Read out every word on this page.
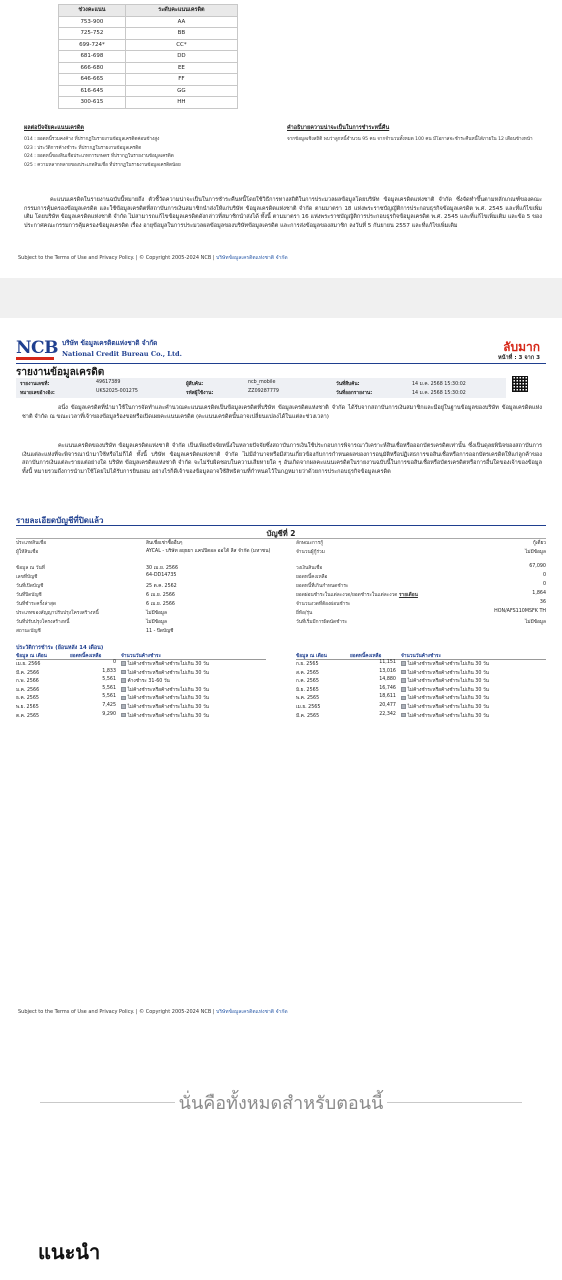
ช่วงคะแนน	ระดับคะแนนเครดิต
753-900	AA
725-752	BB
699-724*	CC*
681-698	DD
666-680	EE
646-665	FF
616-645	GG
300-615	HH
ผลต่อปัจจัยคะแนนเครดิต
014 : ยอดหนี้รวมคงค้าง ที่ปรากฏในรายงานข้อมูลเครดิตค่อนข้างสูง
023 : ประวัติการค้างชำระ ที่ปรากฏในรายงานข้อมูลเครดิต
024 : ยอดหนี้ของสินเชื่อประเภทการเกษตร ที่ปรากฏในรายงานข้อมูลเครดิต
025 : ความหลากหลายของประเภทสินเชื่อ ที่ปรากฏในรายงานข้อมูลเครดิตน้อย
คำอธิบายความน่าจะเป็นในการชำระหนี้คืน
จากข้อมูลเชิงสถิติ พบว่าลูกหนี้จำนวน 95 คน จากจำนวนทั้งหมด 100 คน มีโอกาสจะชำระคืนหนี้ได้ภายใน 12 เดือนข้างหน้า
คะแนนเครดิตในรายงานฉบับนี้หมายถึง ตัวชี้วัดความน่าจะเป็นในการชำระคืนหนี้โดยใช้วิธีการทางสถิติในการประมวลผลข้อมูลโดยบริษัท ข้อมูลเครดิตแห่งชาติ จำกัด ซึ่งจัดทำขึ้นตามหลักเกณฑ์ของคณะกรรมการคุ้มครองข้อมูลเครดิต และใช้ข้อมูลเครดิตที่สถาบันการเงินสมาชิกนำส่งให้แก่บริษัท ข้อมูลเครดิตแห่งชาติ จำกัด ตามมาตรา 18 แห่งพระราชบัญญัติการประกอบธุรกิจข้อมูลเครดิต พ.ศ. 2545 และที่แก้ไขเพิ่มเติม โดยบริษัท ข้อมูลเครดิตแห่งชาติ จำกัด ไม่สามารถแก้ไขข้อมูลเครดิตดังกล่าวที่สมาชิกนำส่งได้ ทั้งนี้ ตามมาตรา 16 แห่งพระราชบัญญัติการประกอบธุรกิจข้อมูลเครดิต พ.ศ. 2545 และที่แก้ไขเพิ่มเติม และข้อ 5 ของประกาศคณะกรรมการคุ้มครองข้อมูลเครดิต เรื่อง อายุข้อมูลในการประมวลผลข้อมูลของบริษัทข้อมูลเครดิต และการส่งข้อมูลของสมาชิก ลงวันที่ 5 กันยายน 2557 และที่แก้ไขเพิ่มเติม
Subject to the Terms of Use and Privacy Policy. | © Copyright 2005-2024 NCB | บริษัทข้อมูลเครดิตแห่งชาติ จำกัด
NCB บริษัท ข้อมูลเครดิตแห่งชาติ จำกัด
National Credit Bureau Co., Ltd.	ลับมาก
หน้าที่ : 3 จาก 3
รายงานข้อมูลเครดิต
รายงานเลขที่:	49617389	ผู้สืบค้น:	ncb_mobile	วันที่สืบค้น:	14 ม.ค. 2568 15:30:02
หมายเลขอ้างอิง:	UKS2025-001275	รหัสผู้ใช้งาน:	ZZ09287779	วันที่ออกรายงาน:	14 ม.ค. 2568 15:30:02
อนึ่ง ข้อมูลเครดิตที่นำมาใช้ในการจัดทำและคำนวณคะแนนเครดิตเป็นข้อมูลเครดิตที่บริษัท ข้อมูลเครดิตแห่งชาติ จำกัด ได้รับจากสถาบันการเงินสมาชิกและมีอยู่ในฐานข้อมูลของบริษัท ข้อมูลเครดิตแห่งชาติ จำกัด ณ ขณะเวลาที่เจ้าของข้อมูลร้องขอหรือเปิดเผยคะแนนเครดิต (คะแนนเครดิตนั้นอาจเปลี่ยนแปลงได้ในแต่ละช่วงเวลา)
คะแนนเครดิตของบริษัท ข้อมูลเครดิตแห่งชาติ จำกัด เป็นเพียงปัจจัยหนึ่งในหลายปัจจัยซึ่งสถาบันการเงินใช้ประกอบการพิจารณาวิเคราะห์สินเชื่อหรือออกบัตรเครดิตเท่านั้น ซึ่งเป็นดุลยพินิจของสถาบันการเงินแต่ละแห่งที่จะพิจารณานำมาใช้หรือไม่ก็ได้ ทั้งนี้ บริษัท ข้อมูลเครดิตแห่งชาติ จำกัด ไม่มีอำนาจหรือมีส่วนเกี่ยวข้องกับการกำหนดผลของการอนุมัติหรือปฏิเสธการขอสินเชื่อหรือการออกบัตรเครดิตให้แก่ลูกค้าของสถาบันการเงินแต่ละรายแต่อย่างใด บริษัท ข้อมูลเครดิตแห่งชาติ จำกัด จะไม่รับผิดชอบในความเสียหายใด ๆ อันเกิดจากผลคะแนนเครดิตในรายงานฉบับนี้ในการขอสินเชื่อหรือบัตรเครดิตหรือการอื่นใดของเจ้าของข้อมูล ทั้งนี้ หมายรวมถึงการนำมาใช้โดยไม่ได้รับการยินยอม อย่างไรก็ดีเจ้าของข้อมูลอาจใช้สิทธิตามที่กำหนดไว้ในกฎหมายว่าด้วยการประกอบธุรกิจข้อมูลเครดิต
รายละเอียดบัญชีที่ปิดแล้ว
บัญชีที่ 2
ประเภทสินเชื่อ	สินเชื่อเช่าซื้ออื่นๆ
ผู้ให้สินเชื่อ	AYCAL - บริษัท อยุธยา แคปปิตอล ออโต้ ลีส จำกัด (มหาชน)
ข้อมูล ณ วันที่	30 เม.ย. 2566
เลขที่บัญชี	64-DD14735
วันที่เปิดบัญชี	25 ต.ค. 2562
วันที่ปิดบัญชี	6 เม.ย. 2566
วันที่ชำระครั้งล่าสุด	6 เม.ย. 2566
ประเภทของสัญญาปรับปรุงโครงสร้างหนี้	ไม่มีข้อมูล
วันที่ปรับปรุงโครงสร้างหนี้	ไม่มีข้อมูล
สถานะบัญชี	11 - ปิดบัญชี
ลักษณะการกู้	กู้เดี่ยว
จำนวนผู้กู้ร่วม	ไม่มีข้อมูล
วงเงินสินเชื่อ	67,090
ยอดหนี้คงเหลือ	0
ยอดหนี้ที่เกินกำหนดชำระ	0
ยอดผ่อนชำระในแต่ละงวด/ยอดชำระในแต่ละงวด รายเดือน	1,864
จำนวนงวดที่ต้องผ่อนชำระ	36
ยี่ห้อ/รุ่น	HON/AFS110MSFK TH
วันที่เริ่มมีการผิดนัดชำระ	ไม่มีข้อมูล
ประวัติการชำระ (ย้อนหลัง 14 เดือน)
ข้อมูล ณ เดือน	ยอดหนี้คงเหลือ	จำนวนวันค้างชำระ
เม.ย. 2566	0	ไม่ค้างชำระหรือค้างชำระไม่เกิน 30 วัน
มี.ค. 2566	1,833	ไม่ค้างชำระหรือค้างชำระไม่เกิน 30 วัน
ก.พ. 2566	5,561	ค้างชำระ 31-60 วัน
ม.ค. 2566	5,561	ไม่ค้างชำระหรือค้างชำระไม่เกิน 30 วัน
ธ.ค. 2565	5,561	ไม่ค้างชำระหรือค้างชำระไม่เกิน 30 วัน
พ.ย. 2565	7,425	ไม่ค้างชำระหรือค้างชำระไม่เกิน 30 วัน
ต.ค. 2565	9,290	ไม่ค้างชำระหรือค้างชำระไม่เกิน 30 วัน
ข้อมูล ณ เดือน	ยอดหนี้คงเหลือ	จำนวนวันค้างชำระ
ก.ย. 2565	11,151	ไม่ค้างชำระหรือค้างชำระไม่เกิน 30 วัน
ส.ค. 2565	13,016	ไม่ค้างชำระหรือค้างชำระไม่เกิน 30 วัน
ก.ค. 2565	14,880	ไม่ค้างชำระหรือค้างชำระไม่เกิน 30 วัน
มิ.ย. 2565	16,746	ไม่ค้างชำระหรือค้างชำระไม่เกิน 30 วัน
พ.ค. 2565	18,611	ไม่ค้างชำระหรือค้างชำระไม่เกิน 30 วัน
เม.ย. 2565	20,477	ไม่ค้างชำระหรือค้างชำระไม่เกิน 30 วัน
มี.ค. 2565	22,342	ไม่ค้างชำระหรือค้างชำระไม่เกิน 30 วัน
Subject to the Terms of Use and Privacy Policy. | © Copyright 2005-2024 NCB | บริษัทข้อมูลเครดิตแห่งชาติ จำกัด
นั่นคือทั้งหมดสำหรับตอนนี้
แนะนำ
